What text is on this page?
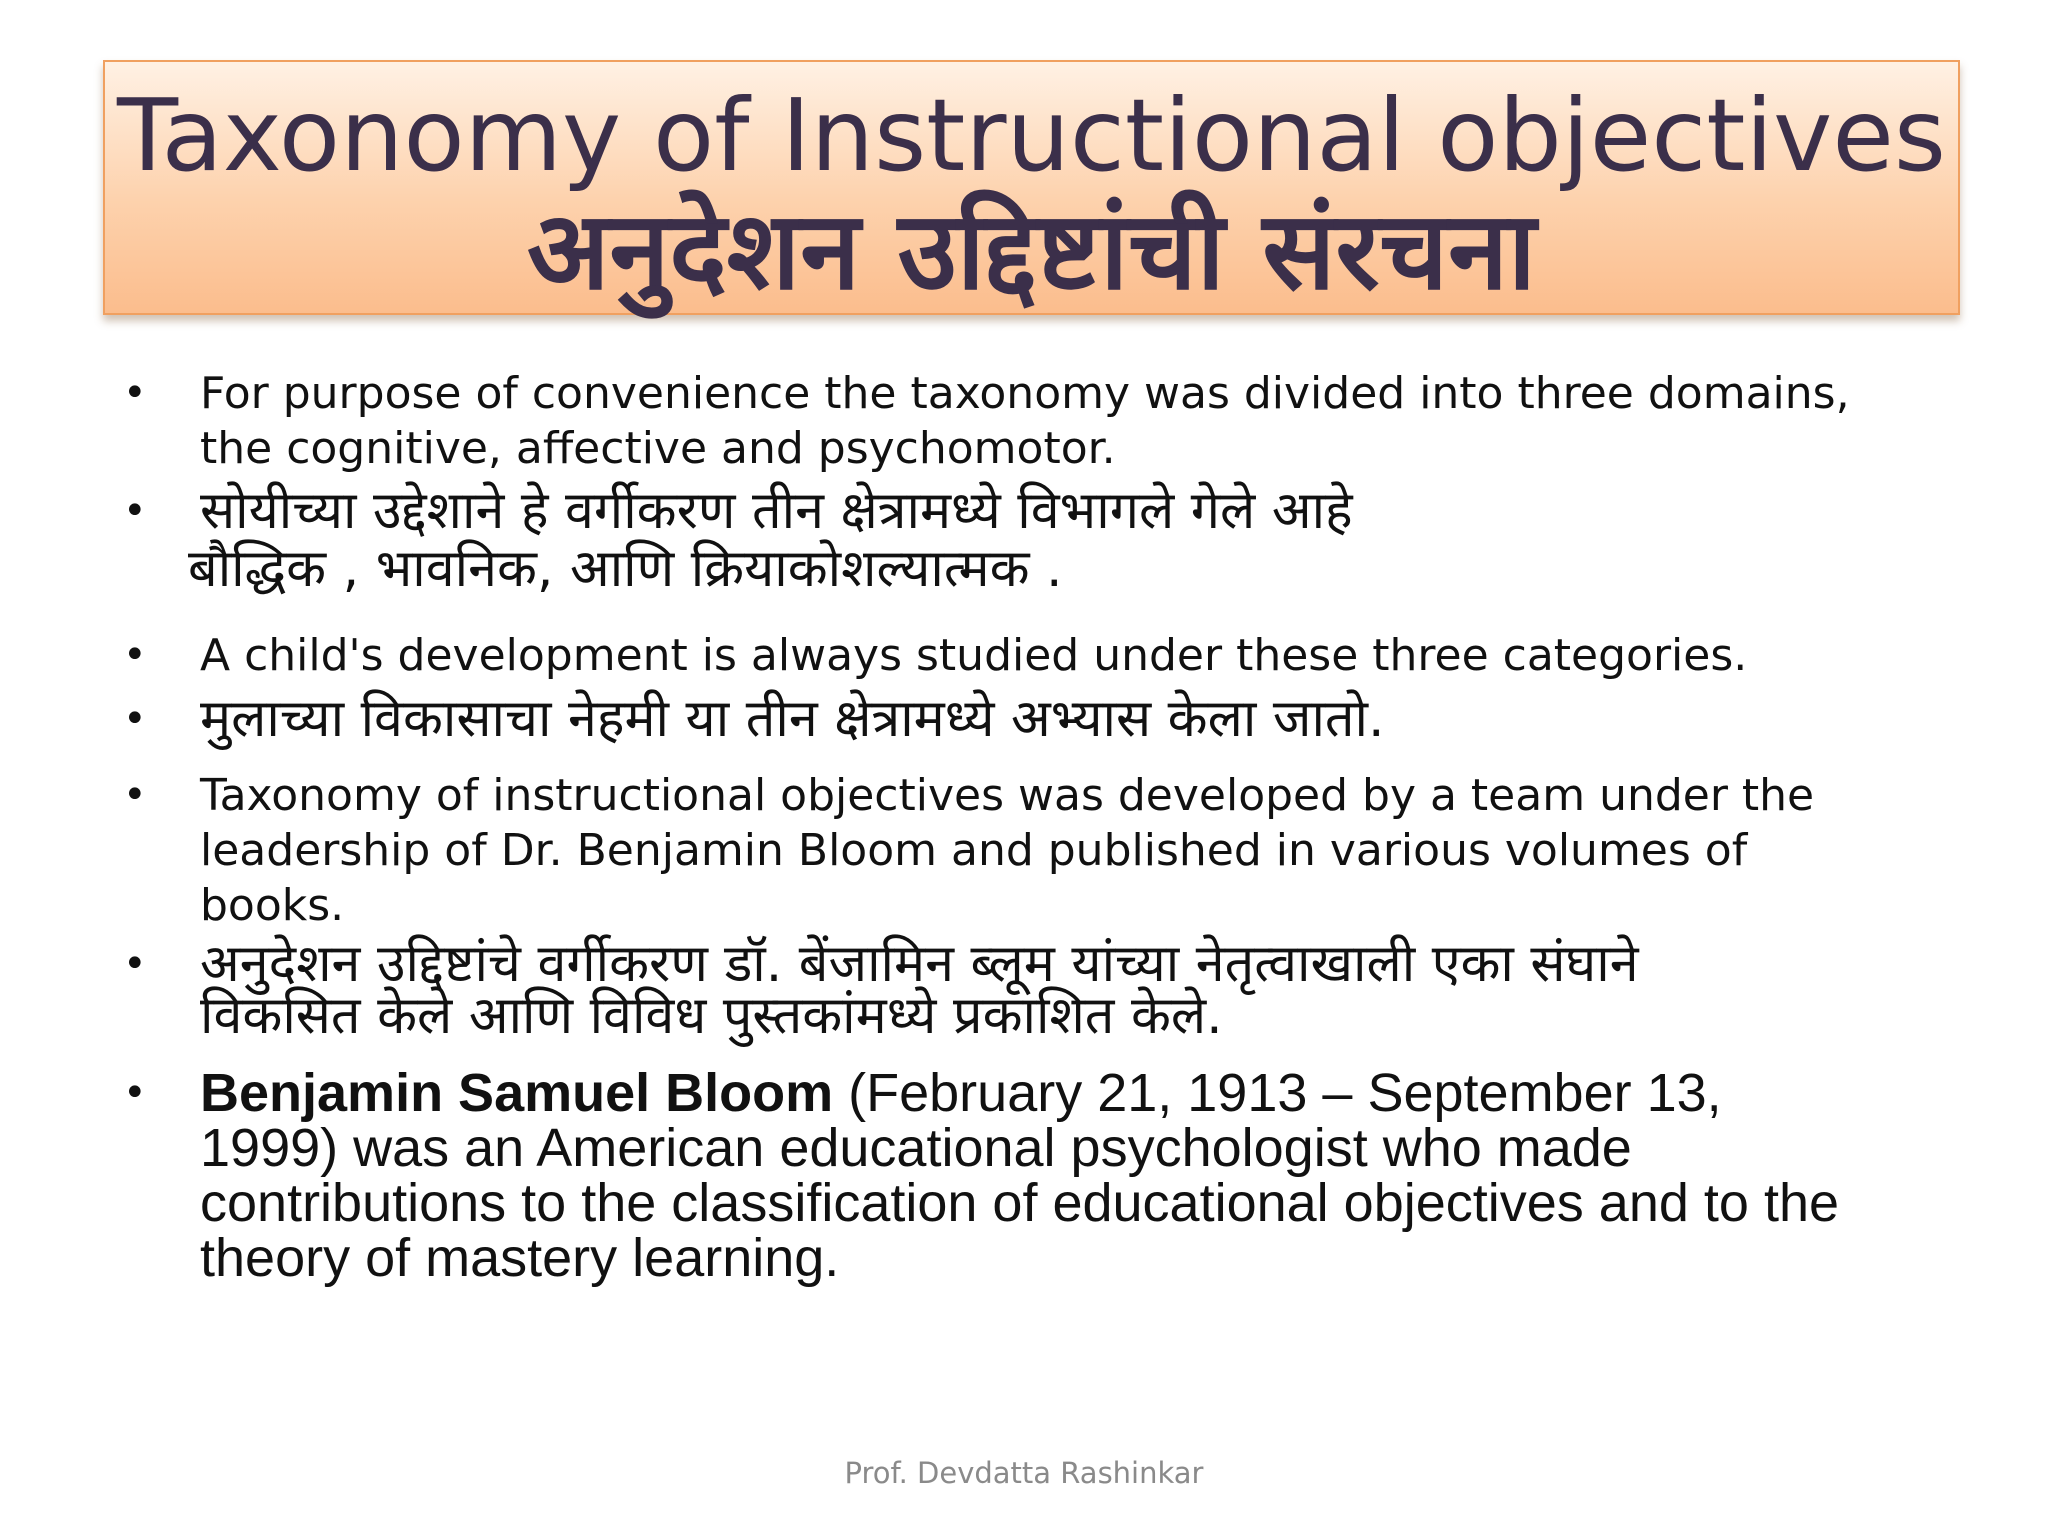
Taxonomy of Instructional objectives
अनुदेशन उद्दिष्टांची संरचना
• For purpose of convenience the taxonomy was divided into three domains,
the cognitive, affective and psychomotor.
• सोयीच्या उद्देशाने हे वर्गीकरण तीन क्षेत्रामध्ये विभागले गेले आहे
बौद्धिक , भावनिक, आणि क्रियाकोशल्यात्मक .
• A child's development is always studied under these three categories.
• मुलाच्या विकासाचा नेहमी या तीन क्षेत्रामध्ये अभ्यास केला जातो.
• Taxonomy of instructional objectives was developed by a team under the
leadership of Dr. Benjamin Bloom and published in various volumes of
books.
• अनुदेशन उद्दिष्टांचे वर्गीकरण डॉ. बेंजामिन ब्लूम यांच्या नेतृत्वाखाली एका संघाने
विकसित केले आणि विविध पुस्तकांमध्ये प्रकाशित केले.
• Benjamin Samuel Bloom (February 21, 1913 – September 13,
1999) was an American educational psychologist who made
contributions to the classification of educational objectives and to the
theory of mastery learning.
Prof. Devdatta Rashinkar
